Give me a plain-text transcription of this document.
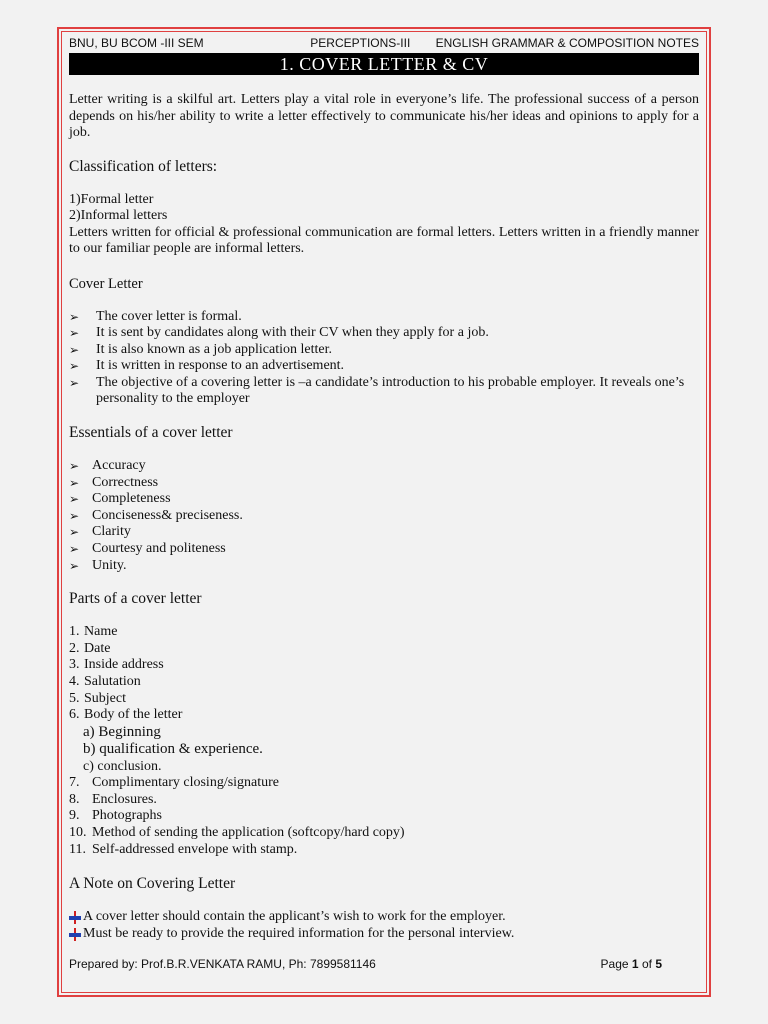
BNU, BU BCOM -III SEM	PERCEPTIONS-III ENGLISH GRAMMAR & COMPOSITION NOTES
1. COVER LETTER & CV

Letter writing is a skilful art. Letters play a vital role in everyone’s life. The professional success of a person depends on his/her ability to write a letter effectively to communicate his/her ideas and opinions to apply for a job.

Classification of letters:

1)Formal letter

2)Informal letters

Letters written for official & professional communication are formal letters. Letters written in a friendly manner to our familiar people are informal letters.

Cover Letter
➢	The cover letter is formal.
➢	It is sent by candidates along with their CV when they apply for a job.
➢	It is also known as a job application letter.
➢	It is written in response to an advertisement.
➢	The objective of a covering letter is –a candidate’s introduction to his probable employer. It reveals one’s personality to the employer
Essentials of a cover letter
➢ Accuracy
➢ Correctness
➢ Completeness
➢ Conciseness& preciseness.
➢ Clarity
➢ Courtesy and politeness
➢ Unity.
Parts of a cover letter
1. Name
2. Date
3. Inside address
4. Salutation
5. Subject
6. Body of the letter
a) Beginning
b) qualification & experience.
c) conclusion.
7. Complimentary closing/signature
8. Enclosures.
9. Photographs
10. Method of sending the application (softcopy/hard copy)
11. Self-addressed envelope with stamp.
A Note on Covering Letter
A cover letter should contain the applicant’s wish to work for the employer.
Must be ready to provide the required information for the personal interview.
Prepared by: Prof.B.R.VENKATA RAMU, Ph: 7899581146	Page 1 of 5
